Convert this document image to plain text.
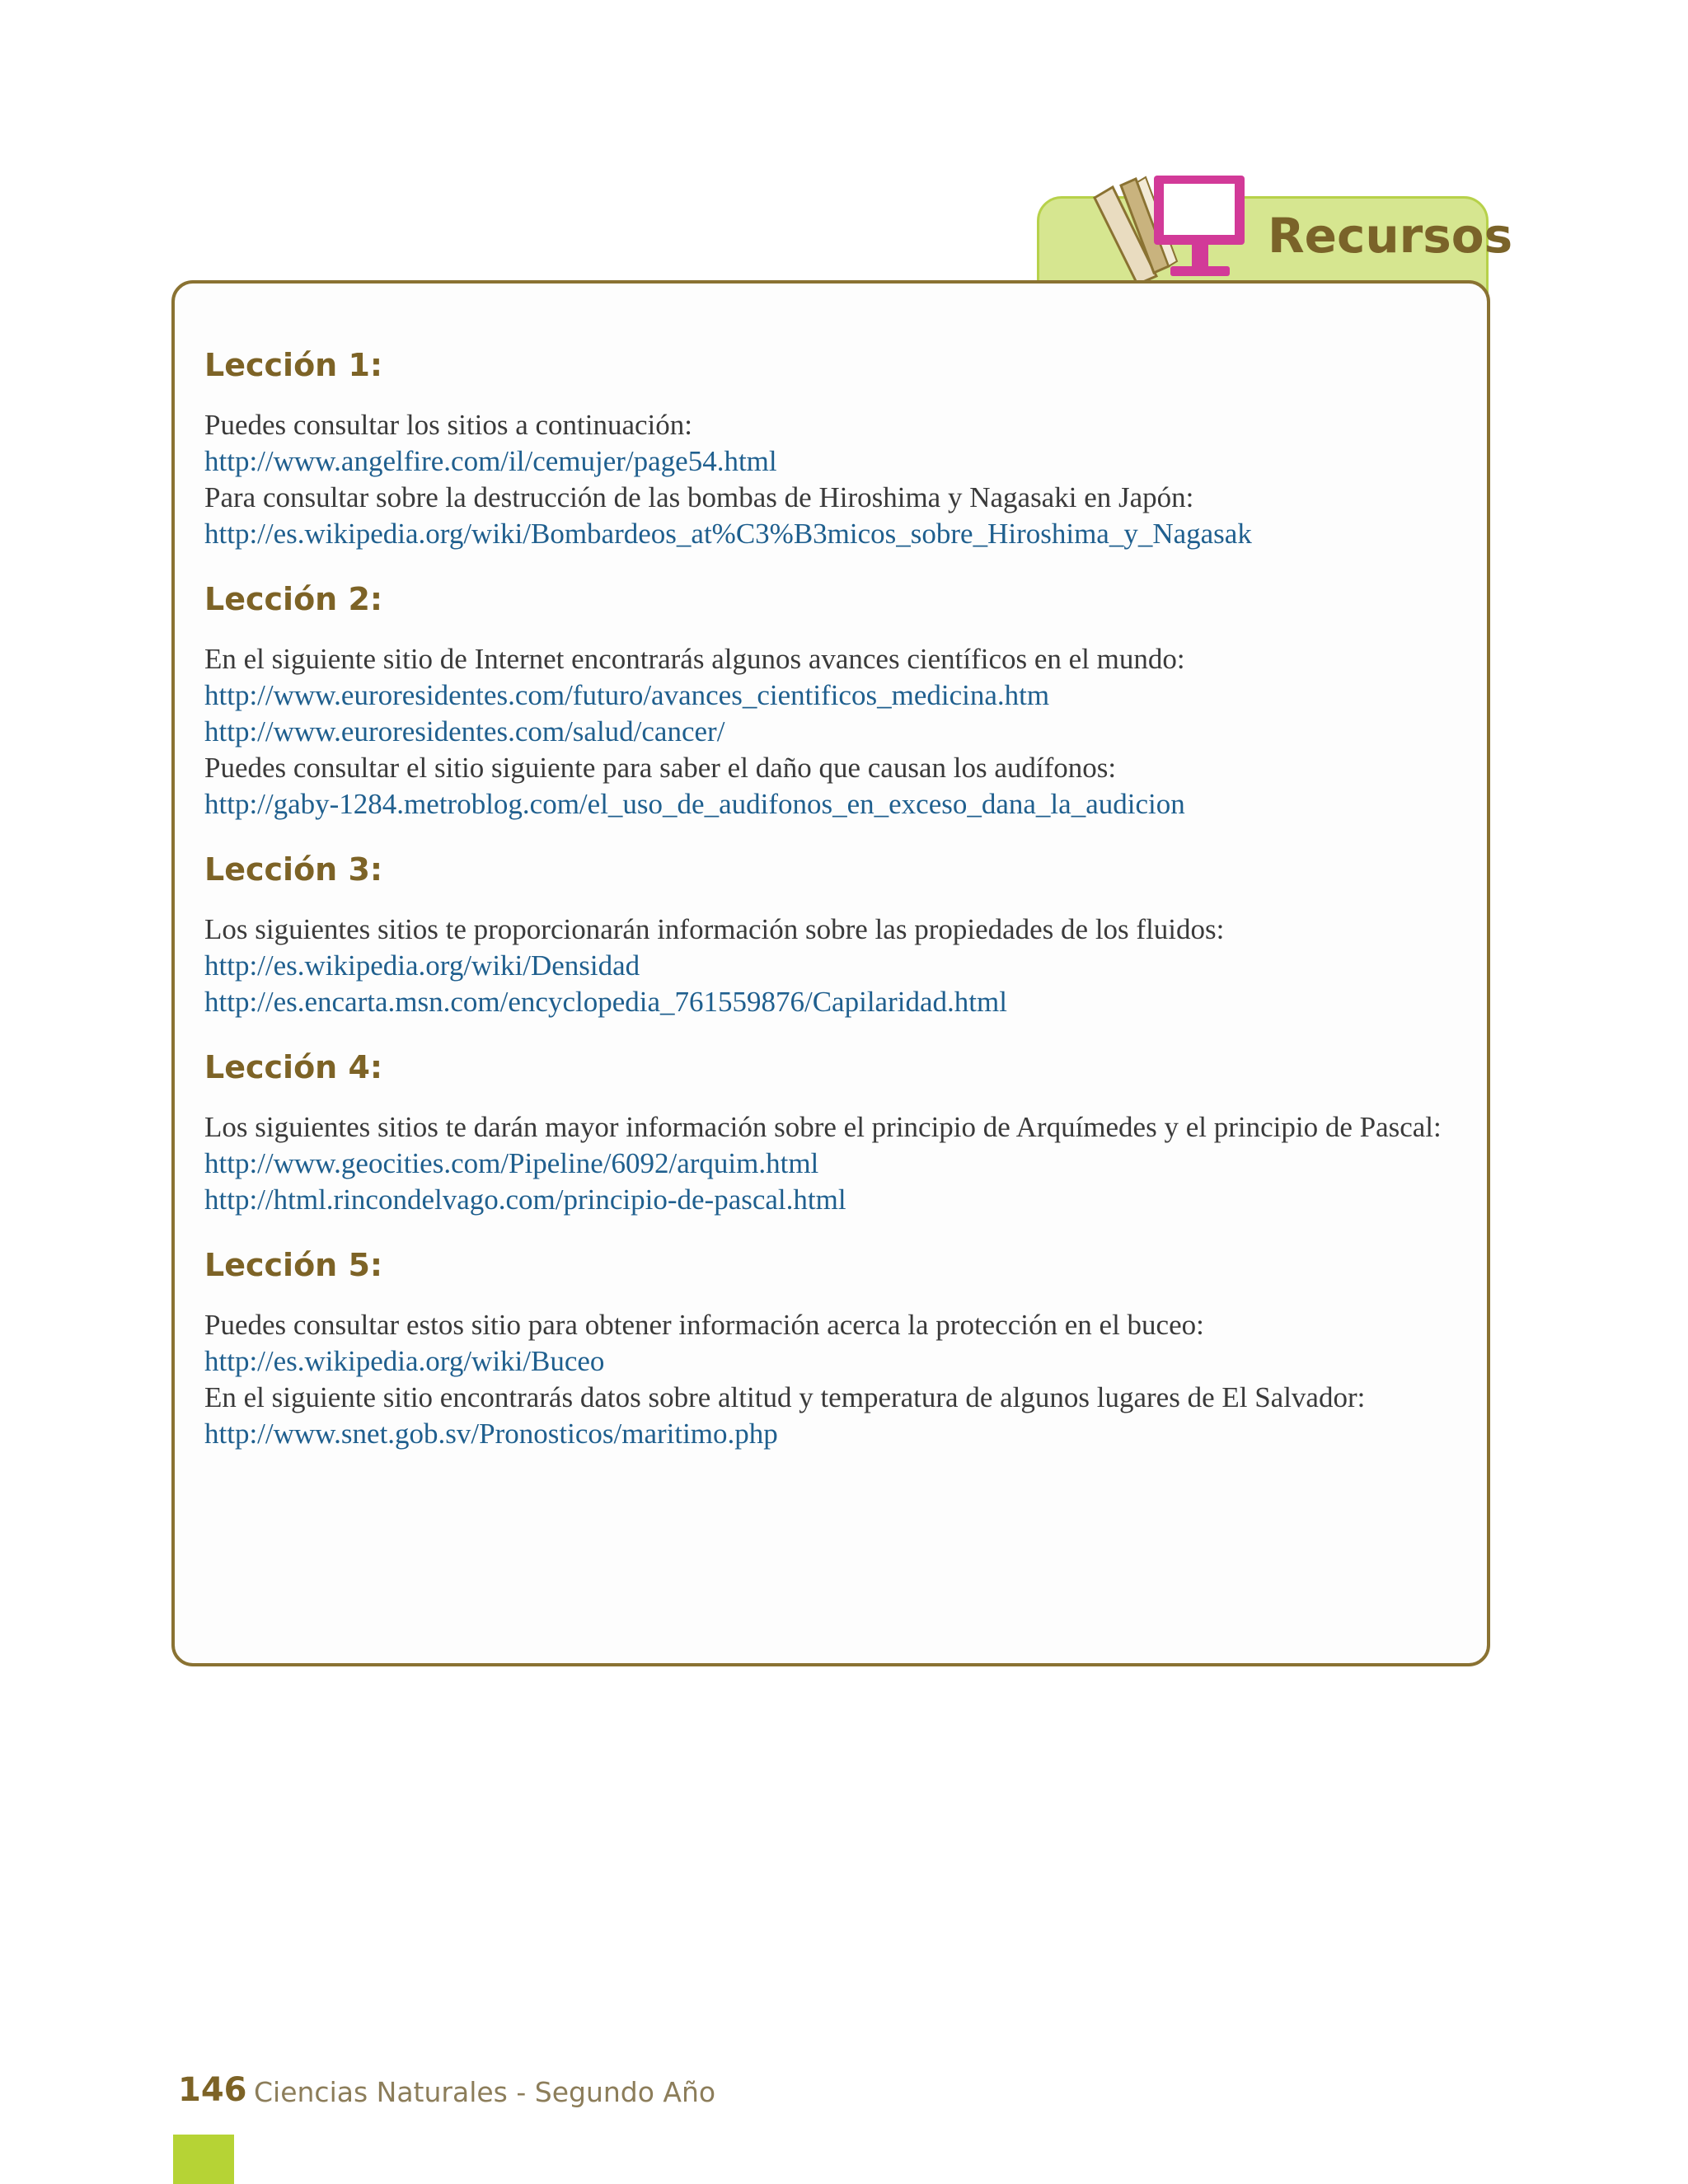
Recursos
Lección 1:
Puedes consultar los sitios a continuación:
http://www.angelfire.com/il/cemujer/page54.html
Para consultar sobre la destrucción de las bombas de Hiroshima y Nagasaki en Japón:
http://es.wikipedia.org/wiki/Bombardeos_at%C3%B3micos_sobre_Hiroshima_y_Nagasak
Lección 2:
En el siguiente sitio de Internet encontrarás algunos avances científicos en el mundo:
http://www.euroresidentes.com/futuro/avances_cientificos_medicina.htm
http://www.euroresidentes.com/salud/cancer/
Puedes consultar el sitio siguiente para saber el daño que causan los audífonos:
http://gaby-1284.metroblog.com/el_uso_de_audifonos_en_exceso_dana_la_audicion
Lección 3:
Los siguientes sitios te proporcionarán información sobre las propiedades de los fluidos:
http://es.wikipedia.org/wiki/Densidad
http://es.encarta.msn.com/encyclopedia_761559876/Capilaridad.html
Lección 4:
Los siguientes sitios te darán mayor información sobre el principio de Arquímedes y el principio de Pascal:
http://www.geocities.com/Pipeline/6092/arquim.html
http://html.rincondelvago.com/principio-de-pascal.html
Lección 5:
Puedes consultar estos sitio para obtener información acerca la protección en el buceo:
http://es.wikipedia.org/wiki/Buceo
En el siguiente sitio encontrarás datos sobre altitud y temperatura de algunos lugares de El Salvador:
http://www.snet.gob.sv/Pronosticos/maritimo.php
146 Ciencias Naturales - Segundo Año
